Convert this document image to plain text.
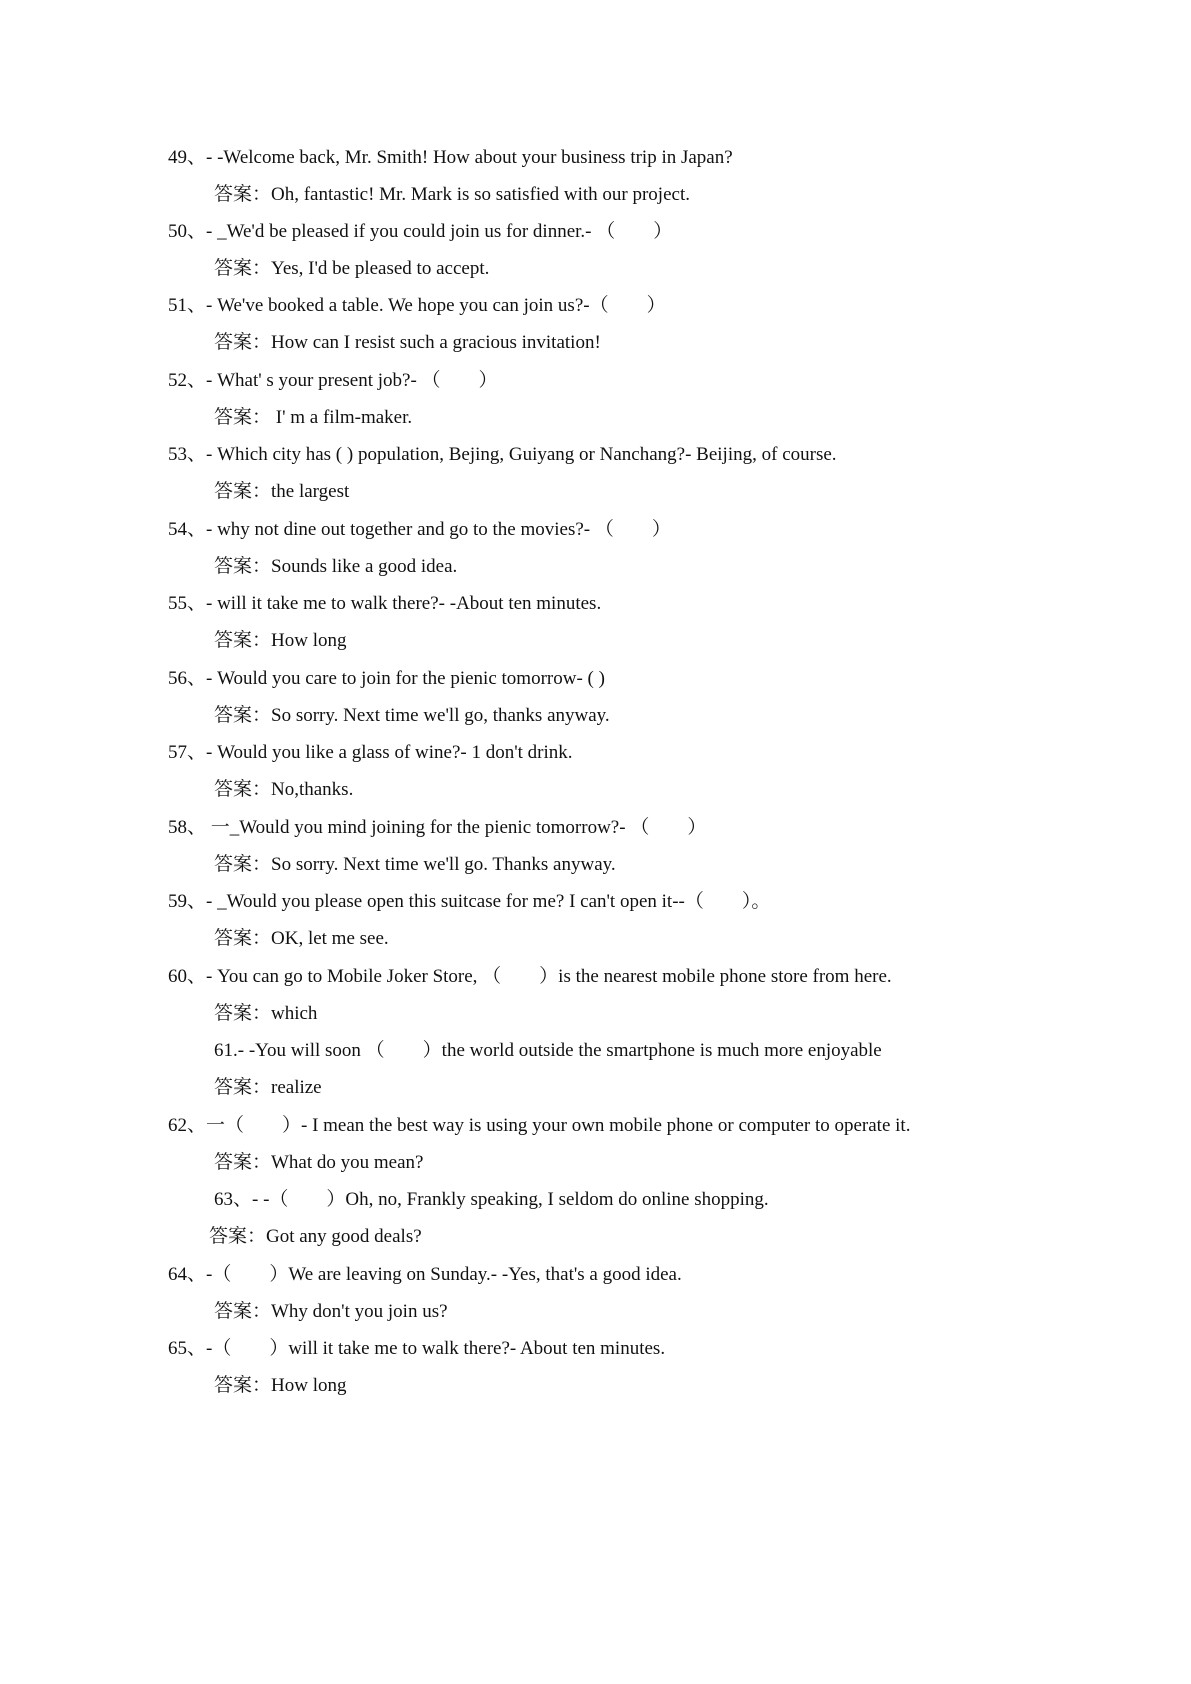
49、- -Welcome back, Mr. Smith! How about your business trip in Japan?
答案：Oh, fantastic! Mr. Mark is so satisfied with our project.
50、- _We'd be pleased if you could join us for dinner.- （　　）
答案：Yes, I'd be pleased to accept.
51、- We've booked a table. We hope you can join us?-（　　）
答案：How can I resist such a gracious invitation!
52、- What' s your present job?- （　　）
答案： I' m a film-maker.
53、- Which city has ( ) population, Bejing, Guiyang or Nanchang?- Beijing, of course.
答案：the largest
54、- why not dine out together and go to the movies?- （　　）
答案：Sounds like a good idea.
55、- will it take me to walk there?- -About ten minutes.
答案：How long
56、- Would you care to join for the pienic tomorrow- ( )
答案：So sorry. Next time we'll go, thanks anyway.
57、- Would you like a glass of wine?- 1 don't drink.
答案：No,thanks.
58、 一_Would you mind joining for the pienic tomorrow?- （　　）
答案：So sorry. Next time we'll go. Thanks anyway.
59、- _Would you please open this suitcase for me? I can't open it--（　　）。
答案：OK, let me see.
60、- You can go to Mobile Joker Store, （　　）is the nearest mobile phone store from here.
答案：which
61.- -You will soon （　　）the world outside the smartphone is much more enjoyable
答案：realize
62、一（　　）- I mean the best way is using your own mobile phone or computer to operate it.
答案：What do you mean?
63、- -（　　）Oh, no, Frankly speaking, I seldom do online shopping.
答案：Got any good deals?
64、-（　　）We are leaving on Sunday.- -Yes, that's a good idea.
答案：Why don't you join us?
65、-（　　）will it take me to walk there?- About ten minutes.
答案：How long
